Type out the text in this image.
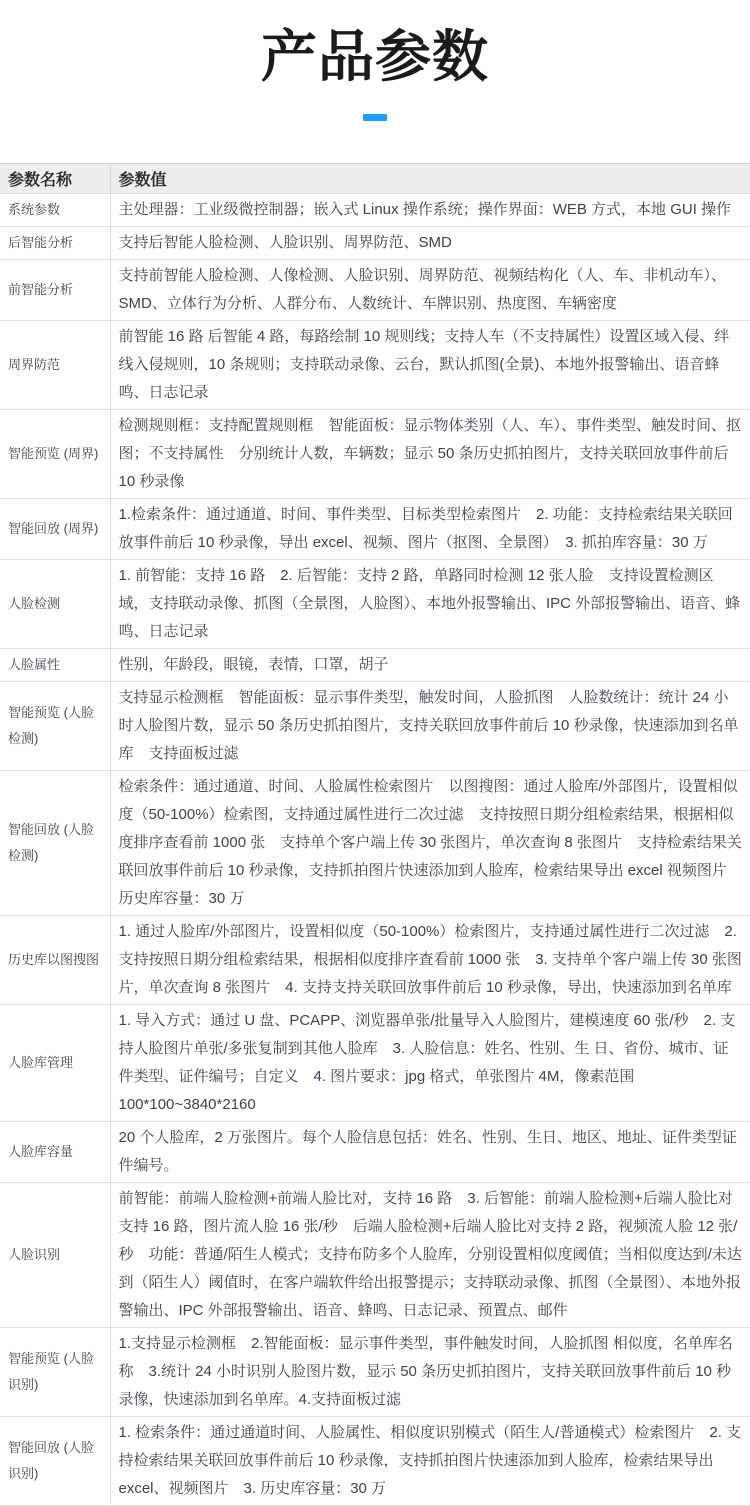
产品参数
参数名称	参数值
系统参数	主处理器：工业级微控制器；嵌入式 Linux 操作系统；操作界面：WEB 方式，本地 GUI 操作
后智能分析	支持后智能人脸检测、人脸识别、周界防范、SMD
前智能分析	支持前智能人脸检测、人像检测、人脸识别、周界防范、视频结构化（人、车、非机动车）、SMD、立体行为分析、人群分布、人数统计、车牌识别、热度图、车辆密度
周界防范	前智能 16 路 后智能 4 路，每路绘制 10 规则线；支持人车（不支持属性）设置区域入侵、绊线入侵规则，10 条规则；支持联动录像、云台，默认抓图(全景)、本地外报警输出、语音蜂鸣、日志记录
智能预览 (周界)	检测规则框：支持配置规则框　智能面板：显示物体类别（人、车）、事件类型、触发时间、抠图；不支持属性　分别统计人数，车辆数；显示 50 条历史抓拍图片，支持关联回放事件前后 10 秒录像
智能回放 (周界)	1.检索条件：通过通道、时间、事件类型、目标类型检索图片　2. 功能：支持检索结果关联回放事件前后 10 秒录像，导出 excel、视频、图片（抠图、全景图）　3. 抓拍库容量：30 万
人脸检测	1. 前智能：支持 16 路　2. 后智能：支持 2 路，单路同时检测 12 张人脸　支持设置检测区域，支持联动录像、抓图（全景图，人脸图）、本地外报警输出、IPC 外部报警输出、语音、蜂鸣、日志记录
人脸属性	性别，年龄段，眼镜，表情，口罩，胡子
智能预览 (人脸检测)	支持显示检测框　智能面板：显示事件类型，触发时间，人脸抓图　人脸数统计：统计 24 小时人脸图片数，显示 50 条历史抓拍图片，支持关联回放事件前后 10 秒录像，快速添加到名单库　支持面板过滤
智能回放 (人脸检测)	检索条件：通过通道、时间、人脸属性检索图片　以图搜图：通过人脸库/外部图片，设置相似度（50-100%）检索图，支持通过属性进行二次过滤　支持按照日期分组检索结果，根据相似度排序查看前 1000 张　支持单个客户端上传 30 张图片，单次查询 8 张图片　支持检索结果关联回放事件前后 10 秒录像，支持抓拍图片快速添加到人脸库，检索结果导出 excel 视频图片　历史库容量：30 万
历史库以图搜图	1. 通过人脸库/外部图片，设置相似度（50-100%）检索图片，支持通过属性进行二次过滤　2. 支持按照日期分组检索结果，根据相似度排序查看前 1000 张　3. 支持单个客户端上传 30 张图片，单次查询 8 张图片　4. 支持支持关联回放事件前后 10 秒录像，导出，快速添加到名单库
人脸库管理	1. 导入方式：通过 U 盘、PCAPP、浏览器单张/批量导入人脸图片，建模速度 60 张/秒　2. 支持人脸图片单张/多张复制到其他人脸库　3. 人脸信息：姓名、性别、生 日、省份、城市、证件类型、证件编号；自定义　4. 图片要求：jpg 格式，单张图片 4M，像素范围 100*100~3840*2160
人脸库容量	20 个人脸库，2 万张图片。每个人脸信息包括：姓名、性别、生日、地区、地址、证件类型证件编号。
人脸识别	前智能：前端人脸检测+前端人脸比对，支持 16 路　3. 后智能：前端人脸检测+后端人脸比对支持 16 路，图片流人脸 16 张/秒　后端人脸检测+后端人脸比对支持 2 路，视频流人脸 12 张/秒　功能：普通/陌生人模式；支持布防多个人脸库，分别设置相似度阈值；当相似度达到/未达到（陌生人）阈值时，在客户端软件给出报警提示；支持联动录像、抓图（全景图）、本地外报警输出、IPC 外部报警输出、语音、蜂鸣、日志记录、预置点、邮件
智能预览 (人脸识别)	1.支持显示检测框　2.智能面板：显示事件类型，事件触发时间，人脸抓图 相似度，名单库名称　3.统计 24 小时识别人脸图片数，显示 50 条历史抓拍图片，支持关联回放事件前后 10 秒录像，快速添加到名单库。4.支持面板过滤
智能回放 (人脸识别)	1. 检索条件：通过通道时间、人脸属性、相似度识别模式（陌生人/普通模式）检索图片　2. 支持检索结果关联回放事件前后 10 秒录像，支持抓拍图片快速添加到人脸库，检索结果导出 excel、视频图片　3. 历史库容量：30 万
